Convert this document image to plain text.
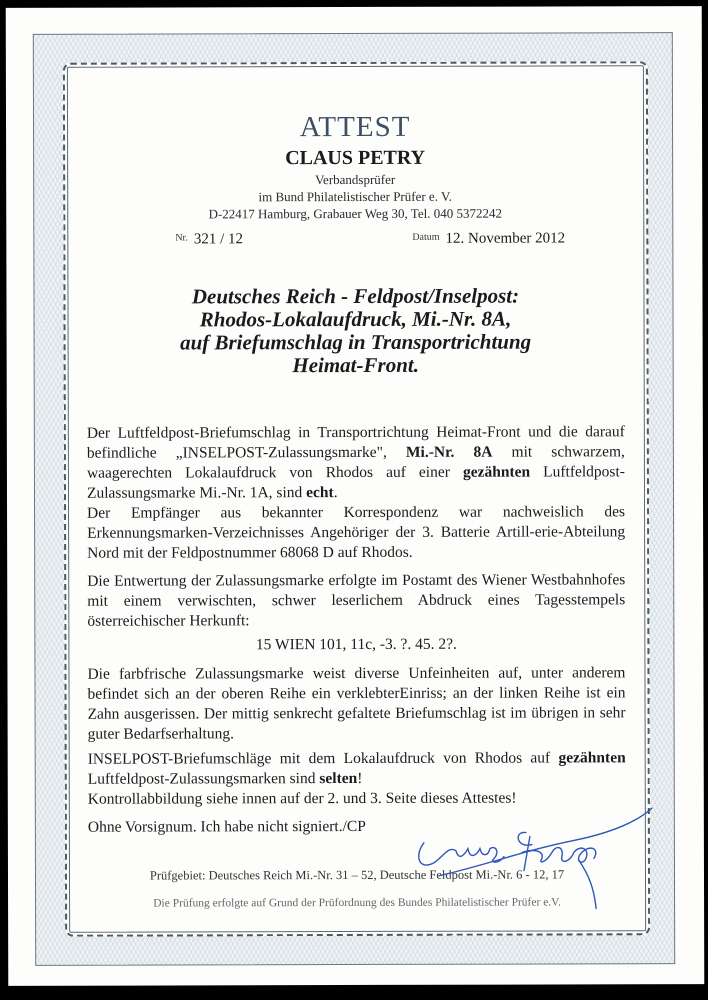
ATTEST
CLAUS PETRY
Verbandsprüfer
im Bund Philatelistischer Prüfer e. V.
D-22417 Hamburg, Grabauer Weg 30, Tel. 040 5372242
$^{Nr.}$ 321 / 12	$^{Datum}$ 12. November 2012
Deutsches Reich - Feldpost/Inselpost:
Rhodos-Lokalaufdruck, Mi.-Nr. 8A,
auf Briefumschlag in Transportrichtung
Heimat-Front.
Der Luftfeldpost-Briefumschlag in Transportrichtung Heimat-Front und die darauf befindliche „INSELPOST-Zulassungsmarke", Mi.-Nr. 8A mit schwarzem, waagerechten Lokalaufdruck von Rhodos auf einer gezähnten Luftfeldpost-Zulassungsmarke Mi.-Nr. 1A, sind echt.
Der Empfänger aus bekannter Korrespondenz war nachweislich des Erkennungsmarken-Verzeichnisses Angehöriger der 3. Batterie Artill-erie-Abteilung Nord mit der Feldpostnummer 68068 D auf Rhodos.
Die Entwertung der Zulassungsmarke erfolgte im Postamt des Wiener Westbahnhofes mit einem verwischten, schwer leserlichem Abdruck eines Tagesstempels österreichischer Herkunft:
15 WIEN 101, 11c, -3. ?. 45. 2?.
Die farbfrische Zulassungsmarke weist diverse Unfeinheiten auf, unter anderem befindet sich an der oberen Reihe ein verklebterEinriss; an der linken Reihe ist ein Zahn ausgerissen. Der mittig senkrecht gefaltete Briefumschlag ist im übrigen in sehr guter Bedarfserhaltung.
INSELPOST-Briefumschläge mit dem Lokalaufdruck von Rhodos auf gezähnten Luftfeldpost-Zulassungsmarken sind selten!
Kontrollabbildung siehe innen auf der 2. und 3. Seite dieses Attestes!
Ohne Vorsignum. Ich habe nicht signiert./CP
Prüfgebiet: Deutsches Reich Mi.-Nr. 31 – 52, Deutsche Feldpost Mi.-Nr. 6 - 12, 17
Die Prüfung erfolgte auf Grund der Prüfordnung des Bundes Philatelistischer Prüfer e.V.
